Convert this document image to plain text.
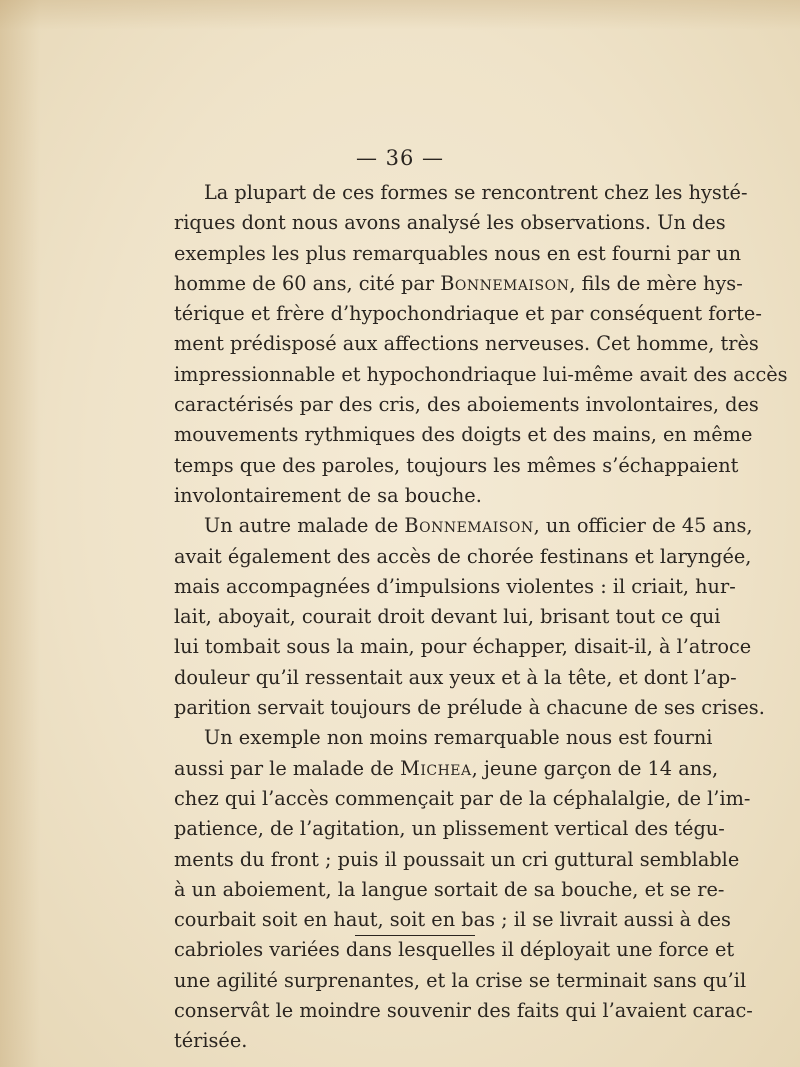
— 36 —
La plupart de ces formes se rencontrent chez les hysté-
riques dont nous avons analysé les observations. Un des
exemples les plus remarquables nous en est fourni par un
homme de 60 ans, cité par Bonnemaison, fils de mère hys-
térique et frère d’hypochondriaque et par conséquent forte-
ment prédisposé aux affections nerveuses. Cet homme, très
impressionnable et hypochondriaque lui-même avait des accès
caractérisés par des cris, des aboiements involontaires, des
mouvements rythmiques des doigts et des mains, en même
temps que des paroles, toujours les mêmes s’échappaient
involontairement de sa bouche.
Un autre malade de Bonnemaison, un officier de 45 ans,
avait également des accès de chorée festinans et laryngée,
mais accompagnées d’impulsions violentes : il criait, hur-
lait, aboyait, courait droit devant lui, brisant tout ce qui
lui tombait sous la main, pour échapper, disait-il, à l’atroce
douleur qu’il ressentait aux yeux et à la tête, et dont l’ap-
parition servait toujours de prélude à chacune de ses crises.
Un exemple non moins remarquable nous est fourni
aussi par le malade de Michea, jeune garçon de 14 ans,
chez qui l’accès commençait par de la céphalalgie, de l’im-
patience, de l’agitation, un plissement vertical des tégu-
ments du front ; puis il poussait un cri guttural semblable
à un aboiement, la langue sortait de sa bouche, et se re-
courbait soit en haut, soit en bas ; il se livrait aussi à des
cabrioles variées dans lesquelles il déployait une force et
une agilité surprenantes, et la crise se terminait sans qu’il
conservât le moindre souvenir des faits qui l’avaient carac-
térisée.
